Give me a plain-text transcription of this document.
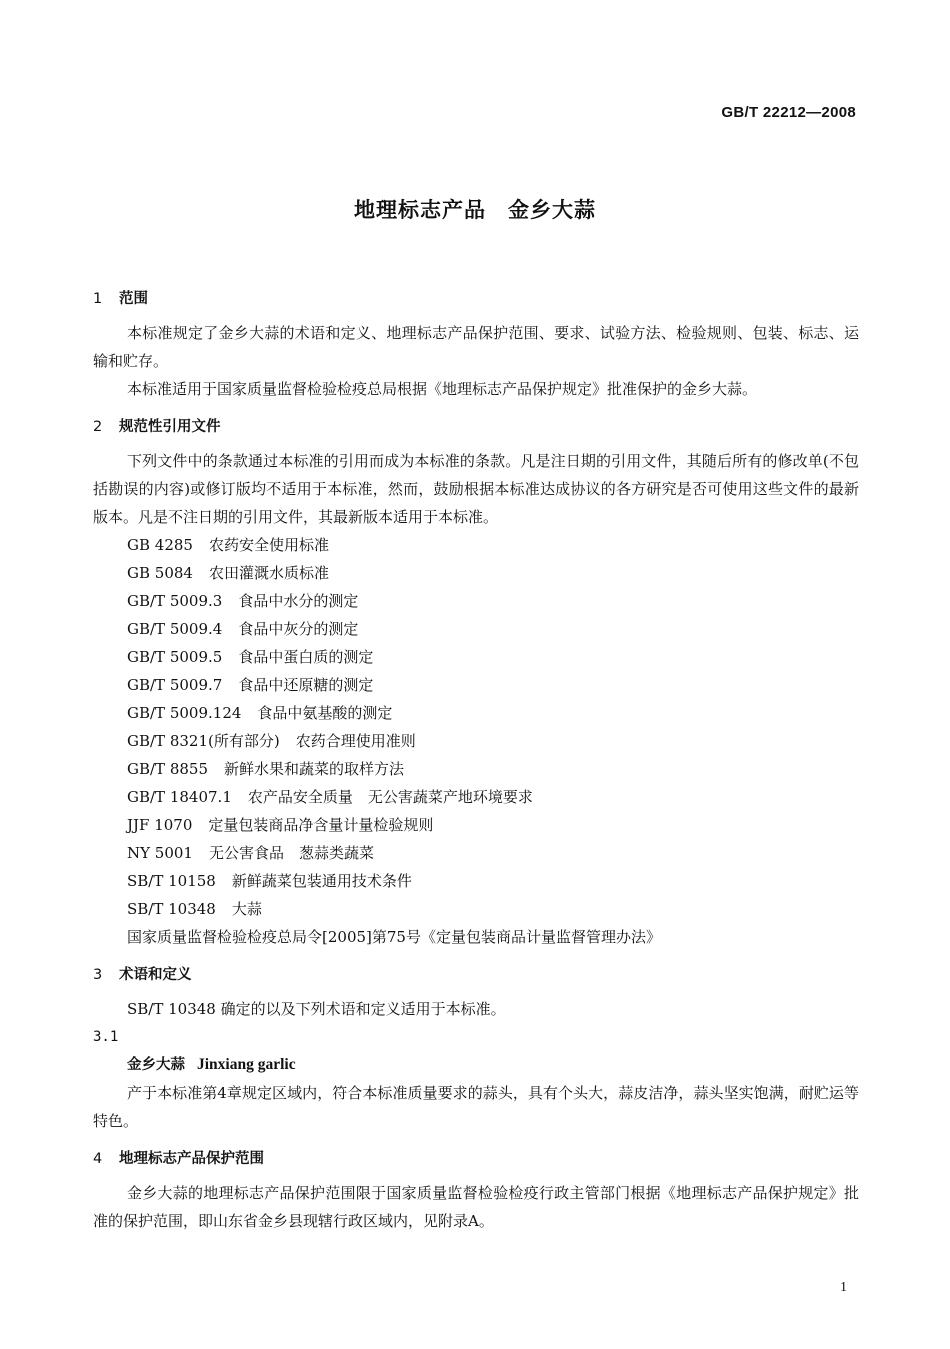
GB/T 22212—2008
地理标志产品　金乡大蒜
1 范围

本标准规定了金乡大蒜的术语和定义、地理标志产品保护范围、要求、试验方法、检验规则、包装、标志、运输和贮存。

本标准适用于国家质量监督检验检疫总局根据《地理标志产品保护规定》批准保护的金乡大蒜。

2 规范性引用文件

下列文件中的条款通过本标准的引用而成为本标准的条款。凡是注日期的引用文件，其随后所有的修改单(不包括勘误的内容)或修订版均不适用于本标准，然而，鼓励根据本标准达成协议的各方研究是否可使用这些文件的最新版本。凡是不注日期的引用文件，其最新版本适用于本标准。

GB 4285 农药安全使用标准
GB 5084 农田灌溉水质标准
GB/T 5009.3 食品中水分的测定
GB/T 5009.4 食品中灰分的测定
GB/T 5009.5 食品中蛋白质的测定
GB/T 5009.7 食品中还原糖的测定
GB/T 5009.124 食品中氨基酸的测定
GB/T 8321(所有部分) 农药合理使用准则
GB/T 8855 新鲜水果和蔬菜的取样方法
GB/T 18407.1 农产品安全质量　无公害蔬菜产地环境要求
JJF 1070 定量包装商品净含量计量检验规则
NY 5001 无公害食品　葱蒜类蔬菜
SB/T 10158 新鲜蔬菜包装通用技术条件
SB/T 10348 大蒜
国家质量监督检验检疫总局令[2005]第75号《定量包装商品计量监督管理办法》
3 术语和定义

SB/T 10348 确定的以及下列术语和定义适用于本标准。

3.1
金乡大蒜 Jinxiang garlic

产于本标准第4章规定区域内，符合本标准质量要求的蒜头，具有个头大，蒜皮洁净，蒜头坚实饱满，耐贮运等特色。

4 地理标志产品保护范围

金乡大蒜的地理标志产品保护范围限于国家质量监督检验检疫行政主管部门根据《地理标志产品保护规定》批准的保护范围，即山东省金乡县现辖行政区域内，见附录A。

1
